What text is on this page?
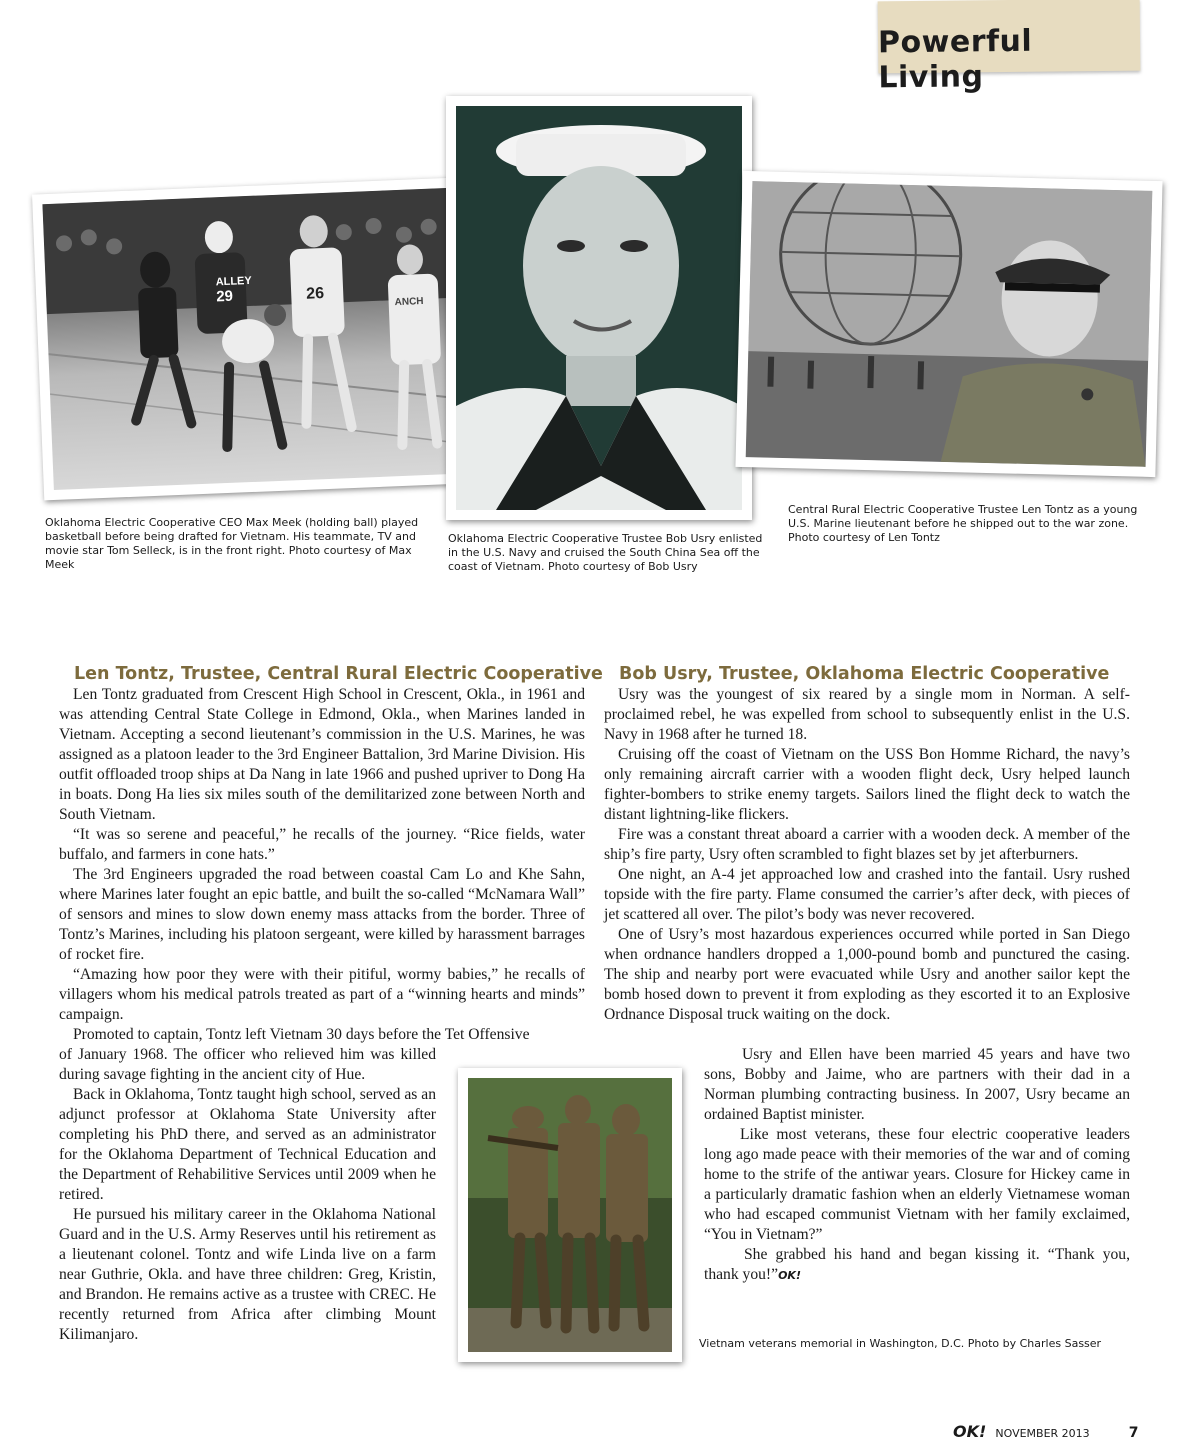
Powerful Living
ALLEY
29	26	ANCH
Oklahoma Electric Cooperative CEO Max Meek (holding ball) played basketball before being drafted for Vietnam. His teammate, TV and movie star Tom Selleck, is in the front right. Photo courtesy of Max Meek
Oklahoma Electric Cooperative Trustee Bob Usry enlisted in the U.S. Navy and cruised the South China Sea off the coast of Vietnam. Photo courtesy of Bob Usry
Central Rural Electric Cooperative Trustee Len Tontz as a young U.S. Marine lieutenant before he shipped out to the war zone. Photo courtesy of Len Tontz
Len Tontz, Trustee, Central Rural Electric Cooperative

Len Tontz graduated from Crescent High School in Crescent, Okla., in 1961 and was attending Central State College in Edmond, Okla., when Marines landed in Vietnam. Accepting a second lieutenant’s commission in the U.S. Marines, he was assigned as a platoon leader to the 3rd Engineer Battalion, 3rd Marine Division. His outfit offloaded troop ships at Da Nang in late 1966 and pushed upriver to Dong Ha in boats. Dong Ha lies six miles south of the demilitarized zone between North and South Vietnam.

“It was so serene and peaceful,” he recalls of the journey. “Rice fields, water buffalo, and farmers in cone hats.”

The 3rd Engineers upgraded the road between coastal Cam Lo and Khe Sahn, where Marines later fought an epic battle, and built the so-called “McNamara Wall” of sensors and mines to slow down enemy mass attacks from the border. Three of Tontz’s Marines, including his platoon sergeant, were killed by harassment barrages of rocket fire.

“Amazing how poor they were with their pitiful, wormy babies,” he recalls of villagers whom his medical patrols treated as part of a “winning hearts and minds” campaign.

Promoted to captain, Tontz left Vietnam 30 days before the Tet Offensive

of January 1968. The officer who relieved him was killed during savage fighting in the ancient city of Hue.

Back in Oklahoma, Tontz taught high school, served as an adjunct professor at Oklahoma State University after completing his PhD there, and served as an administrator for the Oklahoma Department of Technical Education and the Department of Rehabilitive Services until 2009 when he retired.

He pursued his military career in the Oklahoma National Guard and in the U.S. Army Reserves until his retirement as a lieutenant colonel. Tontz and wife Linda live on a farm near Guthrie, Okla. and have three children: Greg, Kristin, and Brandon. He remains active as a trustee with CREC. He recently returned from Africa after climbing Mount Kilimanjaro.

Vietnam veterans memorial in Washington, D.C. Photo by Charles Sasser
Bob Usry, Trustee, Oklahoma Electric Cooperative

Usry was the youngest of six reared by a single mom in Norman. A self-proclaimed rebel, he was expelled from school to subsequently enlist in the U.S. Navy in 1968 after he turned 18.

Cruising off the coast of Vietnam on the USS Bon Homme Richard, the navy’s only remaining aircraft carrier with a wooden flight deck, Usry helped launch fighter-bombers to strike enemy targets. Sailors lined the flight deck to watch the distant lightning-like flickers.

Fire was a constant threat aboard a carrier with a wooden deck. A member of the ship’s fire party, Usry often scrambled to fight blazes set by jet afterburners.

One night, an A-4 jet approached low and crashed into the fantail. Usry rushed topside with the fire party. Flame consumed the carrier’s after deck, with pieces of jet scattered all over. The pilot’s body was never recovered.

One of Usry’s most hazardous experiences occurred while ported in San Diego when ordnance handlers dropped a 1,000-pound bomb and punctured the casing. The ship and nearby port were evacuated while Usry and another sailor kept the bomb hosed down to prevent it from exploding as they escorted it to an Explosive Ordnance Disposal truck waiting on the dock.

Usry and Ellen have been married 45 years and have two sons, Bobby and Jaime, who are partners with their dad in a Norman plumbing contracting business. In 2007, Usry became an ordained Baptist minister.

Like most veterans, these four electric cooperative leaders long ago made peace with their memories of the war and of coming home to the strife of the antiwar years. Closure for Hickey came in a particularly dramatic fashion when an elderly Vietnamese woman who had escaped communist Vietnam with her family exclaimed, “You in Vietnam?”

She grabbed his hand and began kissing it. “Thank you, thank you!”OK!

OK! NOVEMBER 2013	7
